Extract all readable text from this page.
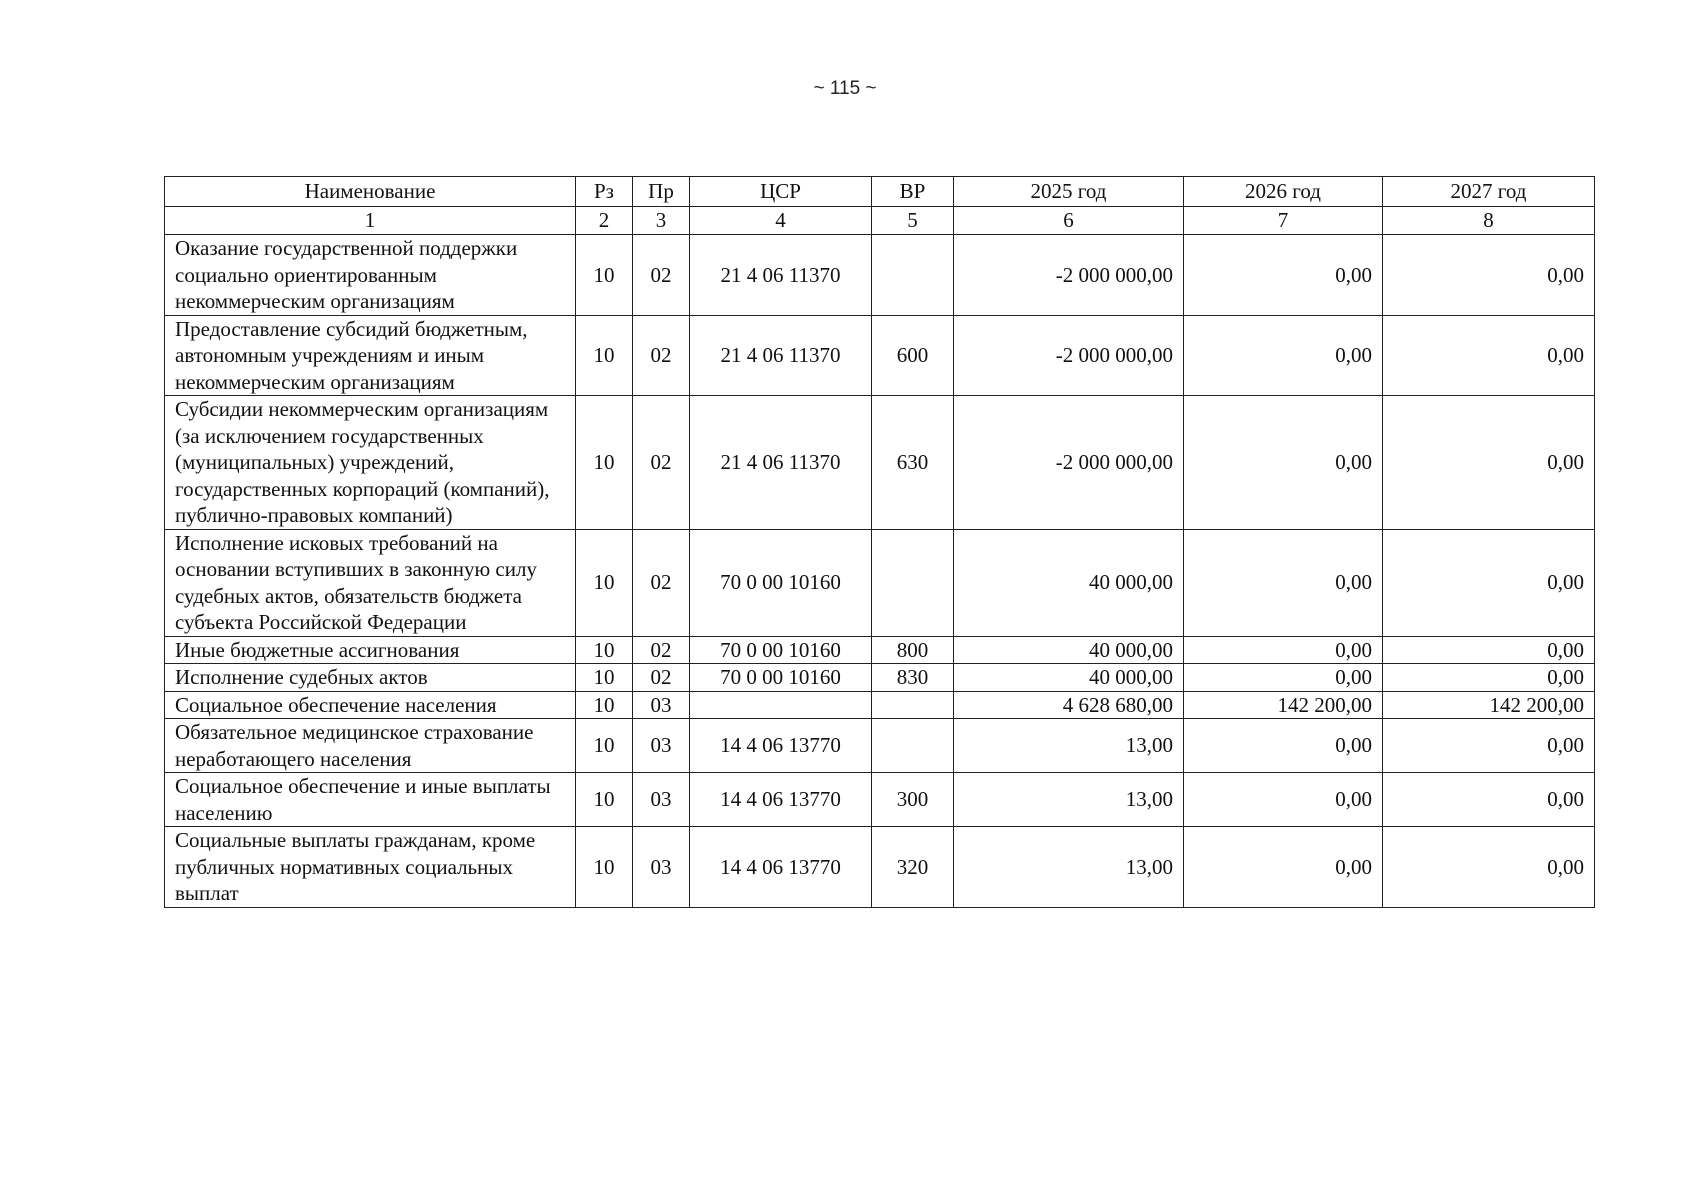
~ 115 ~
Наименование	Рз	Пр	ЦСР	ВР	2025 год	2026 год	2027 год
1	2	3	4	5	6	7	8
Оказание государственной поддержки социально ориентированным некоммерческим организациям	10	02	21 4 06 11370		-2 000 000,00	0,00	0,00
Предоставление субсидий бюджетным, автономным учреждениям и иным некоммерческим организациям	10	02	21 4 06 11370	600	-2 000 000,00	0,00	0,00
Субсидии некоммерческим организациям (за исключением государственных (муниципальных) учреждений, государственных корпораций (компаний), публично-правовых компаний)	10	02	21 4 06 11370	630	-2 000 000,00	0,00	0,00
Исполнение исковых требований на основании вступивших в законную силу судебных актов, обязательств бюджета субъекта Российской Федерации	10	02	70 0 00 10160		40 000,00	0,00	0,00
Иные бюджетные ассигнования	10	02	70 0 00 10160	800	40 000,00	0,00	0,00
Исполнение судебных актов	10	02	70 0 00 10160	830	40 000,00	0,00	0,00
Социальное обеспечение населения	10	03			4 628 680,00	142 200,00	142 200,00
Обязательное медицинское страхование неработающего населения	10	03	14 4 06 13770		13,00	0,00	0,00
Социальное обеспечение и иные выплаты населению	10	03	14 4 06 13770	300	13,00	0,00	0,00
Социальные выплаты гражданам, кроме публичных нормативных социальных выплат	10	03	14 4 06 13770	320	13,00	0,00	0,00
